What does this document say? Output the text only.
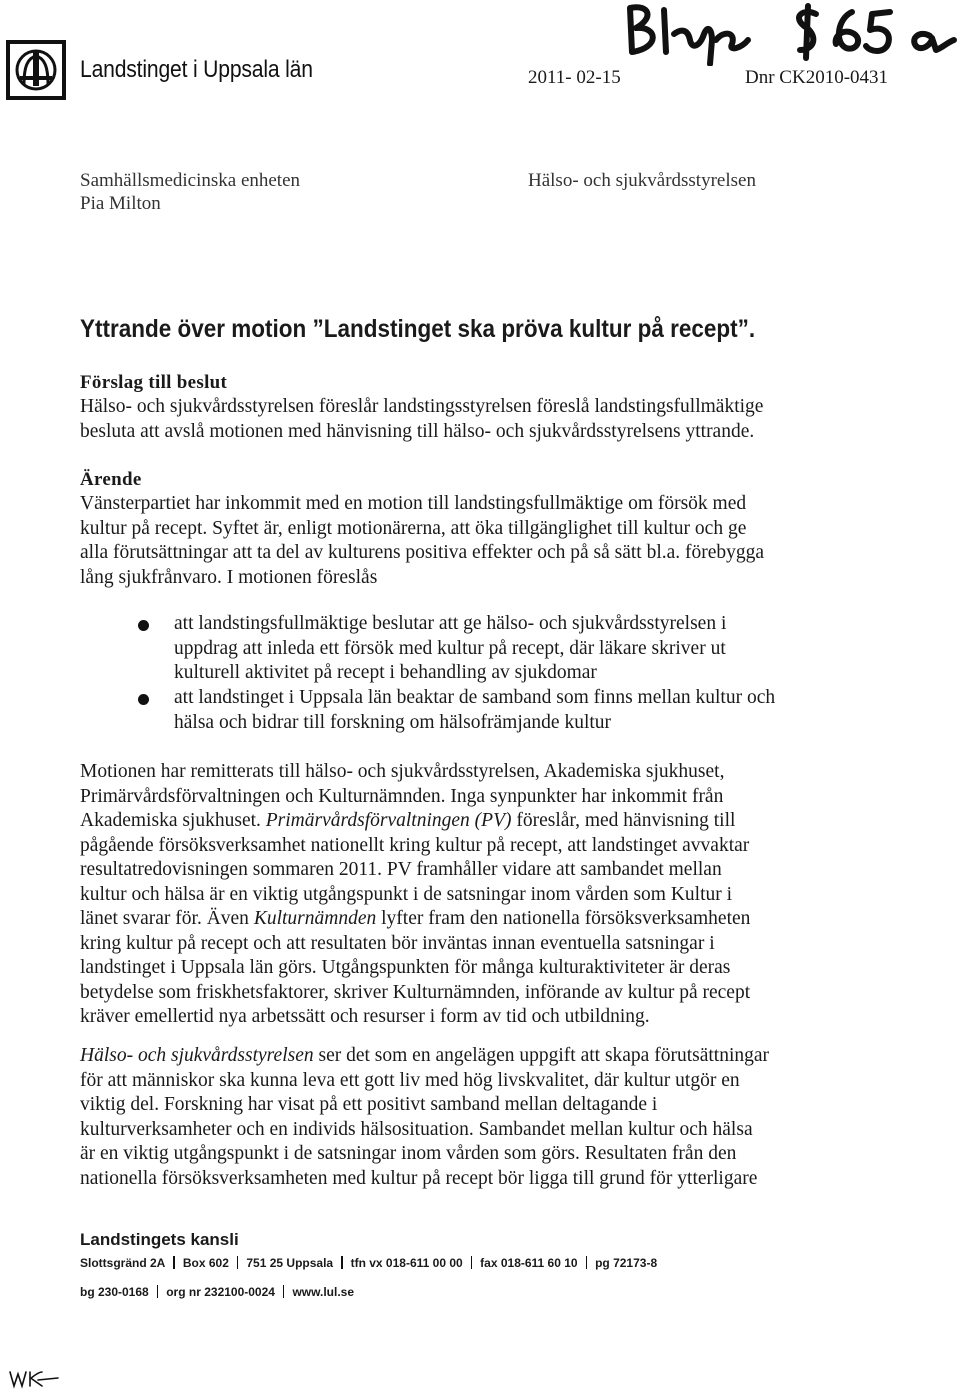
Landstinget i Uppsala län	2011- 02-15	Dnr CK2010-0431
Samhällsmedicinska enheten
Pia Milton
Hälso- och sjukvårdsstyrelsen
Yttrande över motion ”Landstinget ska pröva kultur på recept”.
Förslag till beslut
Hälso- och sjukvårdsstyrelsen föreslår landstingsstyrelsen föreslå landstingsfullmäktige
besluta att avslå motionen med hänvisning till hälso- och sjukvårdsstyrelsens yttrande.
Ärende
Vänsterpartiet har inkommit med en motion till landstingsfullmäktige om försök med
kultur på recept. Syftet är, enligt motionärerna, att öka tillgänglighet till kultur och ge
alla förutsättningar att ta del av kulturens positiva effekter och på så sätt bl.a. förebygga
lång sjukfrånvaro. I motionen föreslås
att landstingsfullmäktige beslutar att ge hälso- och sjukvårdsstyrelsen i
uppdrag att inleda ett försök med kultur på recept, där läkare skriver ut
kulturell aktivitet på recept i behandling av sjukdomar
att landstinget i Uppsala län beaktar de samband som finns mellan kultur och
hälsa och bidrar till forskning om hälsofrämjande kultur
Motionen har remitterats till hälso- och sjukvårdsstyrelsen, Akademiska sjukhuset,
Primärvårdsförvaltningen och Kulturnämnden. Inga synpunkter har inkommit från
Akademiska sjukhuset. Primärvårdsförvaltningen (PV) föreslår, med hänvisning till
pågående försöksverksamhet nationellt kring kultur på recept, att landstinget avvaktar
resultatredovisningen sommaren 2011. PV framhåller vidare att sambandet mellan
kultur och hälsa är en viktig utgångspunkt i de satsningar inom vården som Kultur i
länet svarar för. Även Kulturnämnden lyfter fram den nationella försöksverksamheten
kring kultur på recept och att resultaten bör inväntas innan eventuella satsningar i
landstinget i Uppsala län görs. Utgångspunkten för många kulturaktiviteter är deras
betydelse som friskhetsfaktorer, skriver Kulturnämnden, införande av kultur på recept
kräver emellertid nya arbetssätt och resurser i form av tid och utbildning.
Hälso- och sjukvårdsstyrelsen ser det som en angelägen uppgift att skapa förutsättningar
för att människor ska kunna leva ett gott liv med hög livskvalitet, där kultur utgör en
viktig del. Forskning har visat på ett positivt samband mellan deltagande i
kulturverksamheter och en individs hälsosituation. Sambandet mellan kultur och hälsa
är en viktig utgångspunkt i de satsningar inom vården som görs. Resultaten från den
nationella försöksverksamheten med kultur på recept bör ligga till grund för ytterligare
Landstingets kansli
Slottsgränd 2A Box 602 751 25 Uppsala tfn vx 018-611 00 00 fax 018-611 60 10 pg 72173-8
bg 230-0168 org nr 232100-0024 www.lul.se
